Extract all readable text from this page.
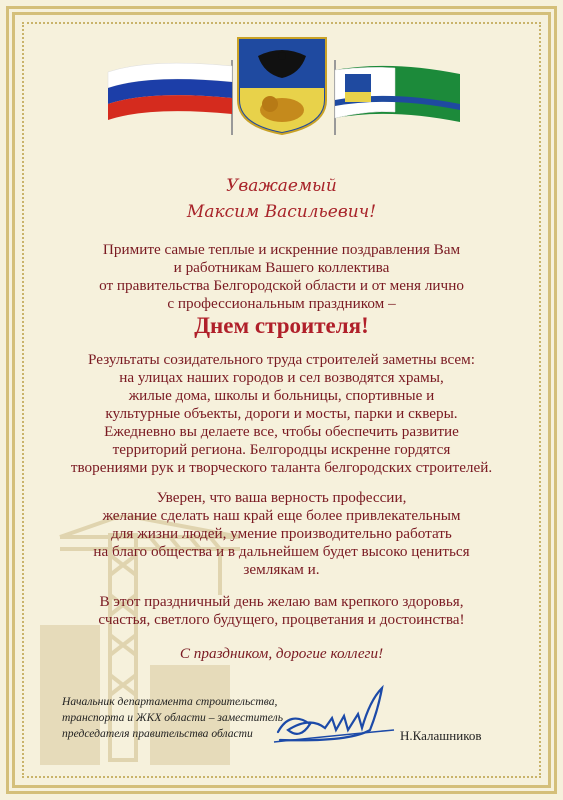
Уважаемый
Максим Васильевич!
Примите самые теплые и искренние поздравления Вам
и работникам Вашего коллектива
от правительства Белгородской области и от меня лично
с профессиональным праздником –
Днем строителя!
Результаты созидательного труда строителей заметны всем:
на улицах наших городов и сел возводятся храмы,
жилые дома, школы и больницы, спортивные и
культурные объекты, дороги и мосты, парки и скверы.
Ежедневно вы делаете все, чтобы обеспечить развитие
территорий региона. Белгородцы искренне гордятся
творениями рук и творческого таланта белгородских строителей.
Уверен, что ваша верность профессии,
желание сделать наш край еще более привлекательным
для жизни людей, умение производительно работать
на благо общества и в дальнейшем будет высоко цениться
землякам и.
В этот праздничный день желаю вам крепкого здоровья,
счастья, светлого будущего, процветания и достоинства!
С праздником, дорогие коллеги!
Начальник департамента строительства,
транспорта и ЖКХ области – заместитель
председателя правительства области	Н.Калашников
